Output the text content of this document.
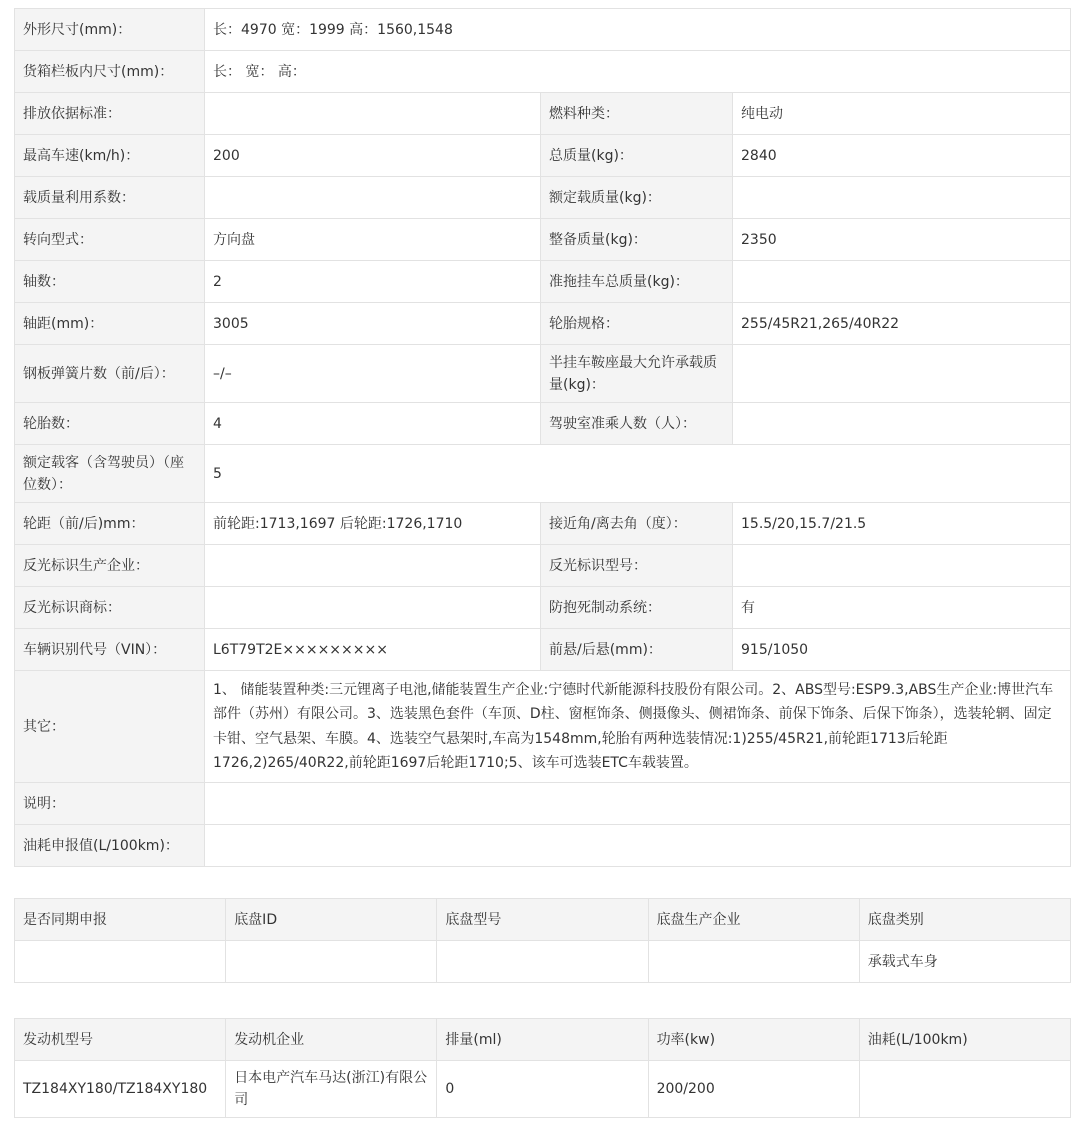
外形尺寸(mm)：	长：4970 宽：1999 高：1560,1548		
货箱栏板内尺寸(mm)：	长： 宽： 高：		
排放依据标准：		燃料种类：	纯电动
最高车速(km/h)：	200	总质量(kg)：	2840
载质量利用系数：		额定载质量(kg)：	
转向型式：	方向盘	整备质量(kg)：	2350
轴数：	2	准拖挂车总质量(kg)：	
轴距(mm)：	3005	轮胎规格：	255/45R21,265/40R22
钢板弹簧片数（前/后）：	–/–	半挂车鞍座最大允许承载质量(kg)：	
轮胎数：	4	驾驶室准乘人数（人）：	
额定载客（含驾驶员）（座位数）：	5		
轮距（前/后)mm：	前轮距:1713,1697 后轮距:1726,1710	接近角/离去角（度）：	15.5/20,15.7/21.5
反光标识生产企业：		反光标识型号：	
反光标识商标：		防抱死制动系统：	有
车辆识别代号（VIN）：	L6T79T2E×××××××××	前悬/后悬(mm)：	915/1050
其它：	1、 储能装置种类:三元锂离子电池,储能装置生产企业:宁德时代新能源科技股份有限公司。2、ABS型号:ESP9.3,ABS生产企业:博世汽车部件（苏州）有限公司。3、选装黑色套件（车顶、D柱、窗框饰条、侧摄像头、侧裙饰条、前保下饰条、后保下饰条），选装轮辋、固定卡钳、空气悬架、车膜。4、选装空气悬架时,车高为1548mm,轮胎有两种选装情况:1)255/45R21,前轮距1713后轮距1726,2)265/40R22,前轮距1697后轮距1710;5、该车可选装ETC车载装置。		
说明：			
油耗申报值(L/100km)：			
是否同期申报	底盘ID	底盘型号	底盘生产企业	底盘类别
				承载式车身
发动机型号	发动机企业	排量(ml)	功率(kw)	油耗(L/100km)
TZ184XY180/TZ184XY180	日本电产汽车马达(浙江)有限公司	0	200/200	
